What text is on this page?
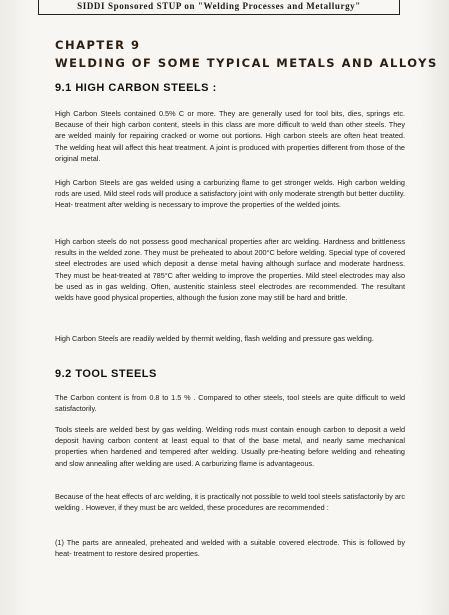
SIDDI Sponsored STUP on "Welding Processes and Metallurgy"
CHAPTER 9
WELDING OF SOME TYPICAL METALS AND ALLOYS
9.1 HIGH CARBON STEELS :
High Carbon Steels contained 0.5% C or more. They are generally used for tool bits, dies, springs etc. Because of their high carbon content, steels in this class are more difficult to weld than other steels. They are welded mainly for repairing cracked or worne out portions. High carbon steels are often heat treated. The welding heat will affect this heat treatment. A joint is produced with properties different from those of the original metal.
High Carbon Steels are gas welded using a carburizing flame to get stronger welds. High carbon welding rods are used. Mild steel rods will produce a satisfactory joint with only moderate strength but better ductility. Heat- treatment after welding is necessary to improve the properties of the welded joints.
High carbon steels do not possess good mechanical properties after arc welding. Hardness and brittleness results in the welded zone. They must be preheated to about 200°C before welding. Special type of covered steel electrodes are used which deposit a dense metal having although surface and moderate hardness. They must be heat-treated at 785°C after welding to improve the properties. Mild steel electrodes may also be used as in gas welding. Often, austenitic stainless steel electrodes are recommended. The resultant welds have good physical properties, although the fusion zone may still be hard and brittle.
High Carbon Steels are readily welded by thermit welding, flash welding and pressure gas welding.
9.2 TOOL STEELS
The Carbon content is from 0.8 to 1.5 % . Compared to other steels, tool steels are quite difficult to weld satisfactorily.
Tools steels are welded best by gas welding. Welding rods must contain enough carbon to deposit a weld deposit having carbon content at least equal to that of the base metal, and nearly same mechanical properties when hardened and tempered after welding. Usually pre-heating before welding and reheating and slow annealing after welding are used. A carburizing flame is advantageous.
Because of the heat effects of arc welding, it is practically not possible to weld tool steels satisfactorily by arc welding . However, if they must be arc welded, these procedures are recommended :
(1) The parts are annealed, preheated and welded with a suitable covered electrode. This is followed by heat- treatment to restore desired properties.
